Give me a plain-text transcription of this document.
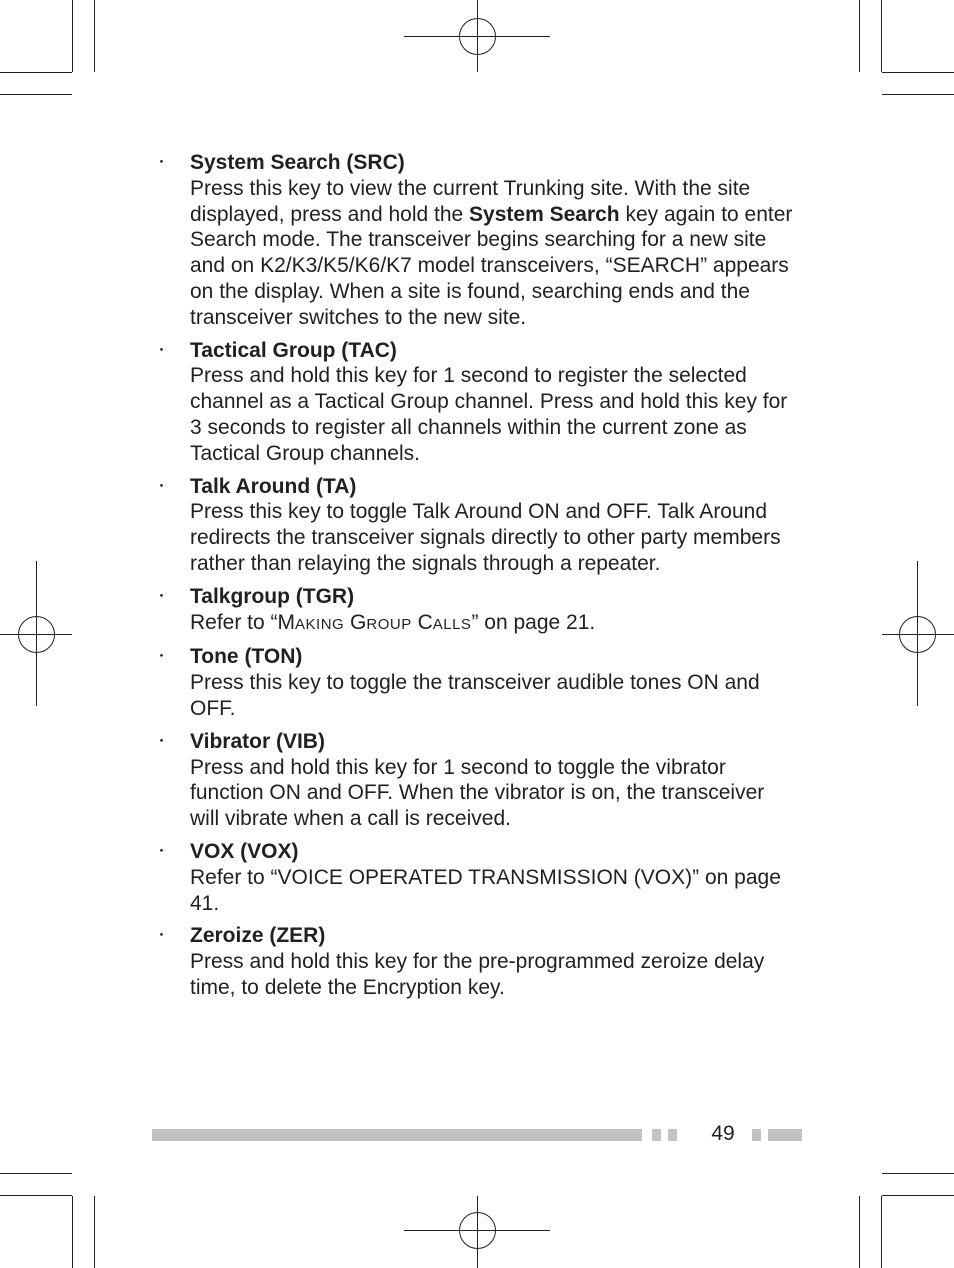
・ System Search (SRC)
Press this key to view the current Trunking site. With the site displayed, press and hold the System Search key again to enter Search mode. The transceiver begins searching for a new site and on K2/K3/K5/K6/K7 model transceivers, “SEARCH” appears on the display. When a site is found, searching ends and the transceiver switches to the new site.
・ Tactical Group (TAC)
Press and hold this key for 1 second to register the selected channel as a Tactical Group channel. Press and hold this key for 3 seconds to register all channels within the current zone as Tactical Group channels.
・ Talk Around (TA)
Press this key to toggle Talk Around ON and OFF. Talk Around redirects the transceiver signals directly to other party members rather than relaying the signals through a repeater.
・ Talkgroup (TGR)
Refer to “MAKING GROUP CALLS” on page 21.
・ Tone (TON)
Press this key to toggle the transceiver audible tones ON and OFF.
・ Vibrator (VIB)
Press and hold this key for 1 second to toggle the vibrator function ON and OFF. When the vibrator is on, the transceiver will vibrate when a call is received.
・ VOX (VOX)
Refer to “VOICE OPERATED TRANSMISSION (VOX)” on page 41.
・ Zeroize (ZER)
Press and hold this key for the pre-programmed zeroize delay time, to delete the Encryption key.
49
